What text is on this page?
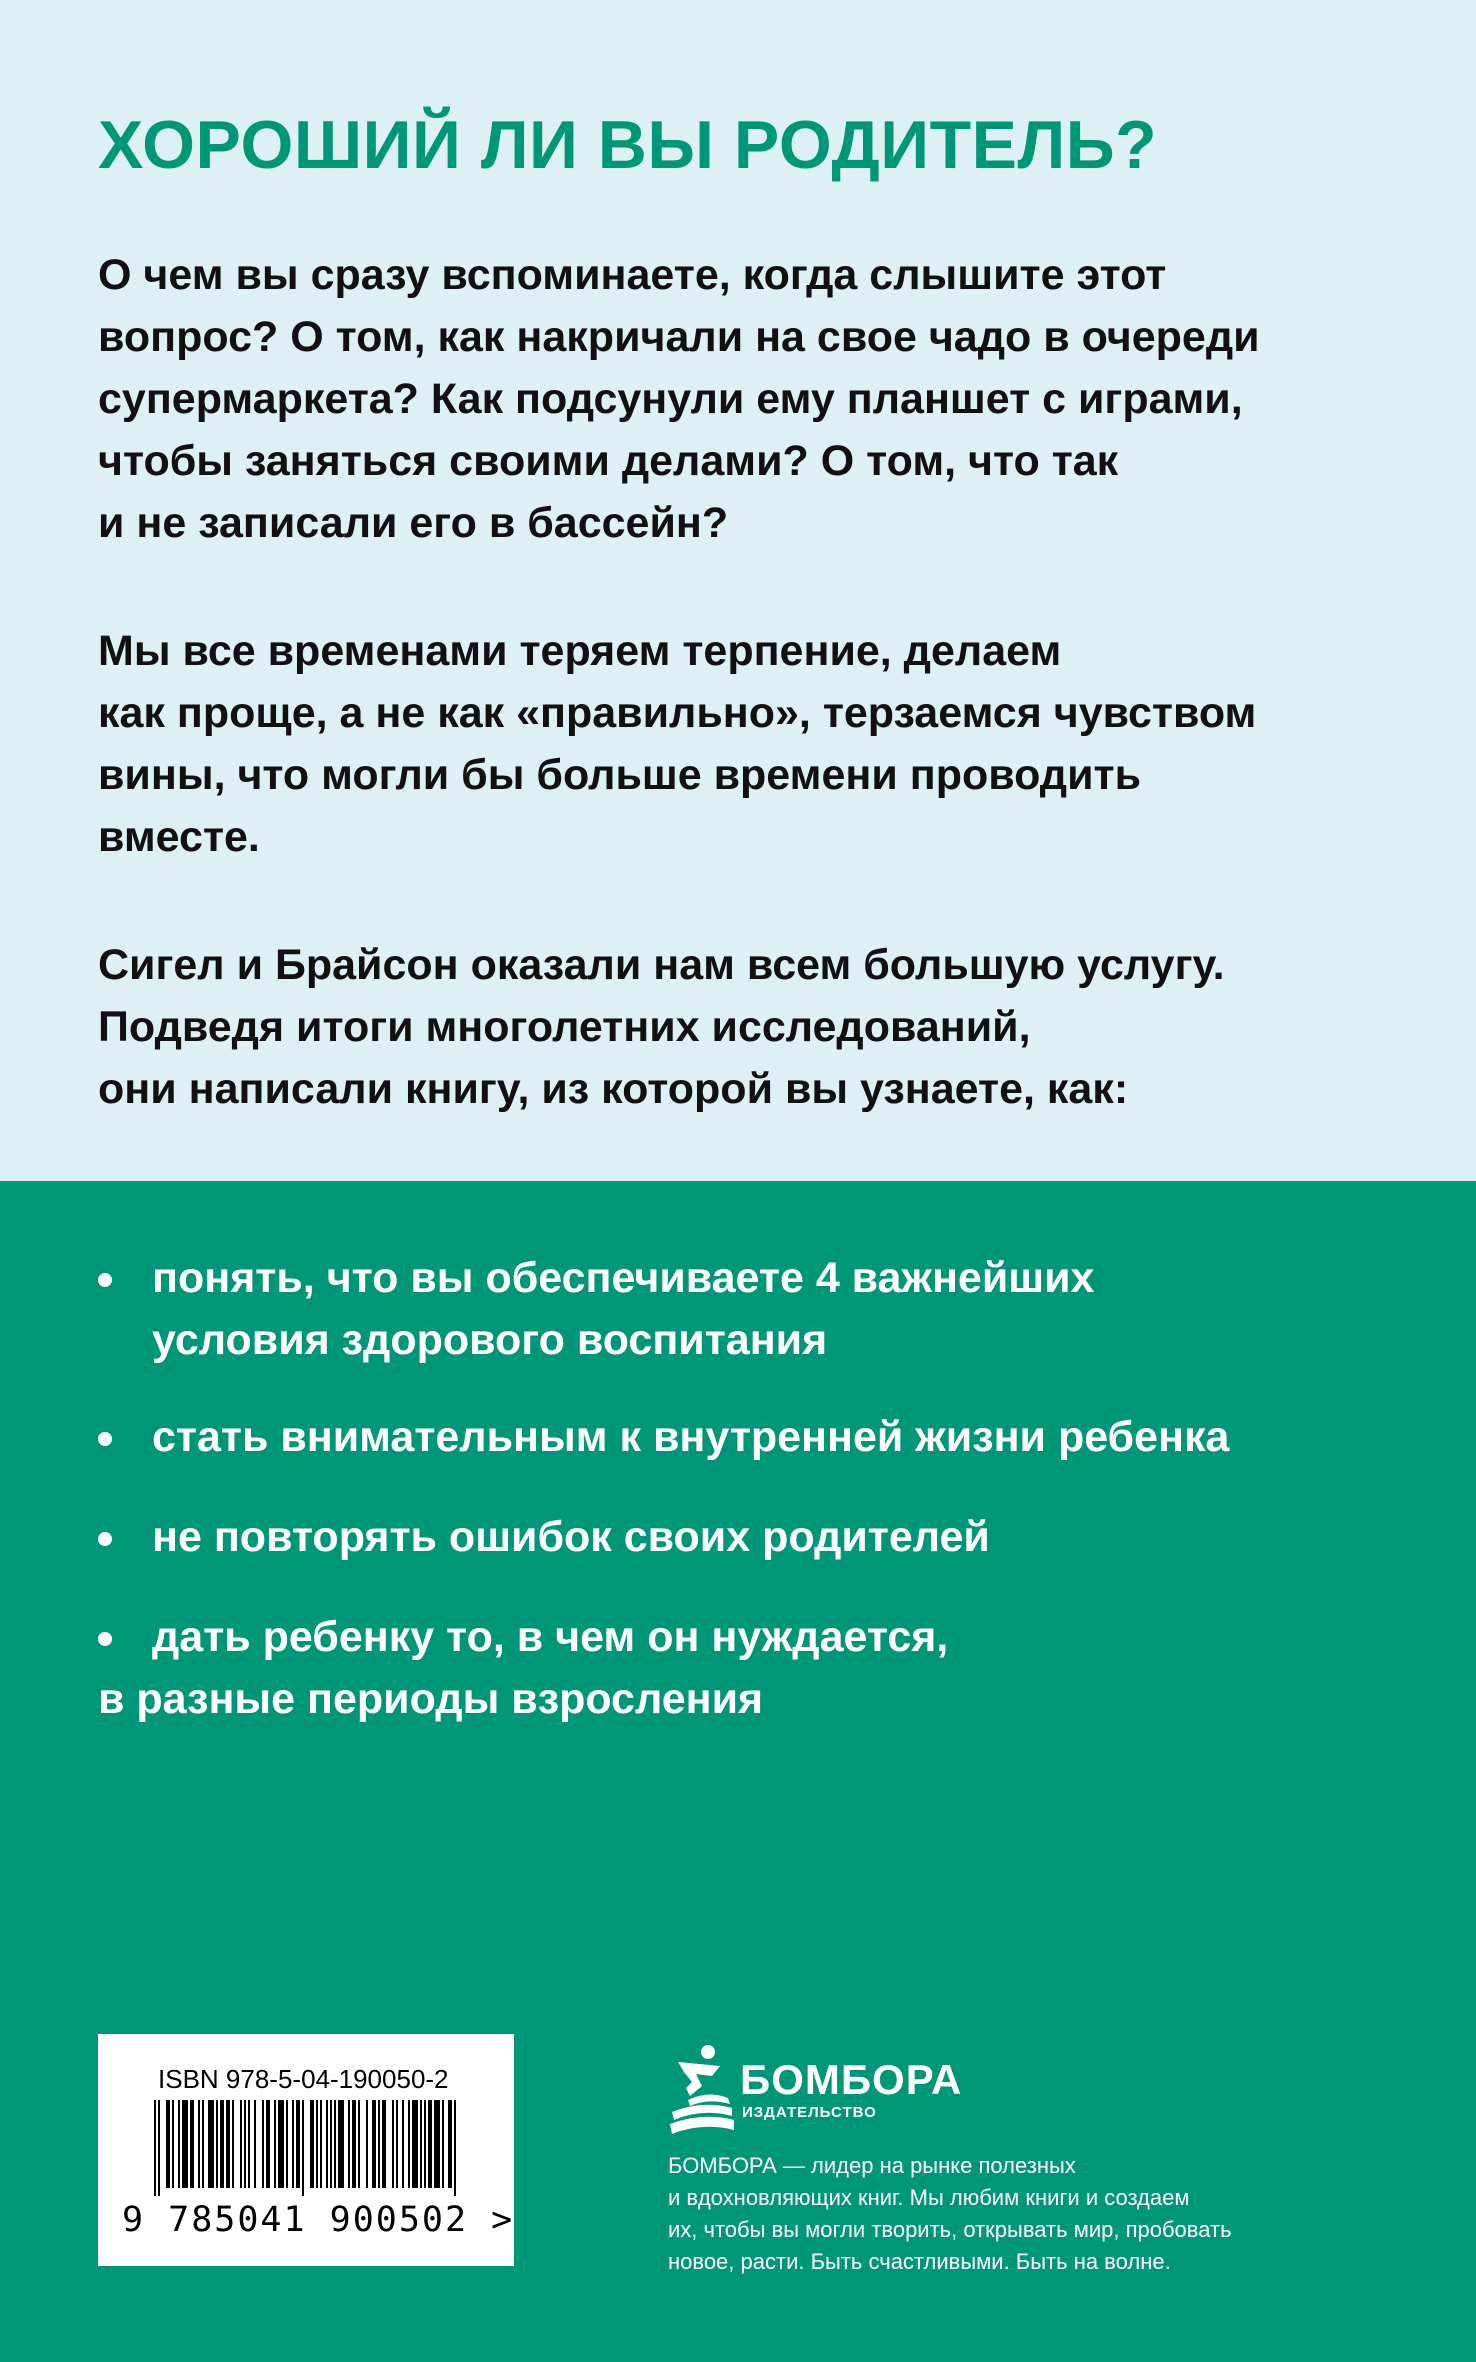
ХОРОШИЙ ЛИ ВЫ РОДИТЕЛЬ?

О чем вы сразу вспоминаете, когда слышите этот
вопрос? О том, как накричали на свое чадо в очереди
супермаркета? Как подсунули ему планшет с играми,
чтобы заняться своими делами? О том, что так
и не записали его в бассейн?

Мы все временами теряем терпение, делаем
как проще, а не как «правильно», терзаемся чувством
вины, что могли бы больше времени проводить
вместе.

Сигел и Брайсон оказали нам всем большую услугу.
Подведя итоги многолетних исследований,
они написали книгу, из которой вы узнаете, как:

понять, что вы обеспечиваете 4 важнейших
условия здорового воспитания
стать внимательным к внутренней жизни ребенка
не повторять ошибок своих родителей
дать ребенку то, в чем он нуждается,
в разные периоды взросления
ISBN 978-5-04-190050-2
9 785041 900502 >
БОМБОРА
ИЗДАТЕЛЬСТВО
БОМБОРА — лидер на рынке полезных
и вдохновляющих книг. Мы любим книги и создаем
их, чтобы вы могли творить, открывать мир, пробовать
новое, расти. Быть счастливыми. Быть на волне.
